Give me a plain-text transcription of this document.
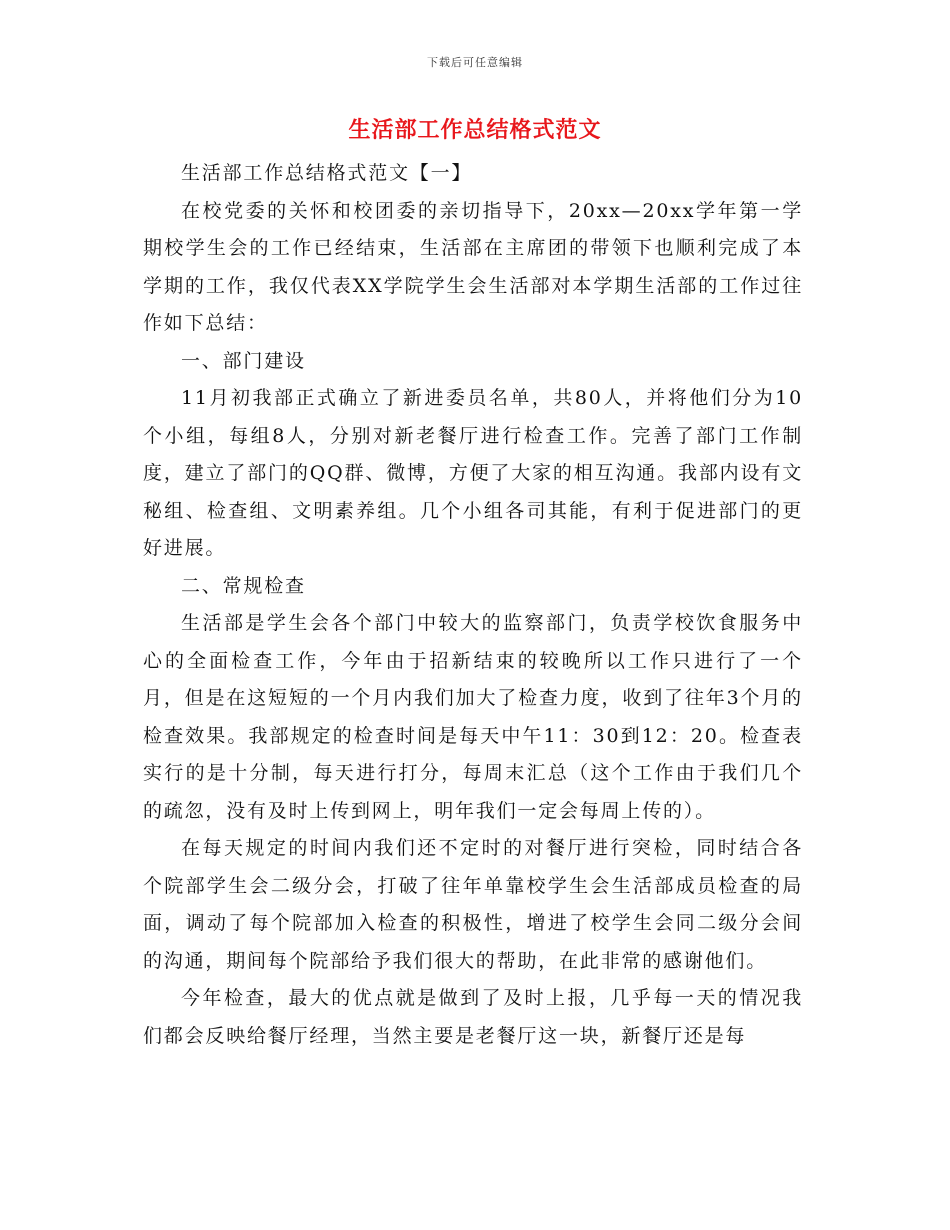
下载后可任意编辑
生活部工作总结格式范文

生活部工作总结格式范文【一】

在校党委的关怀和校团委的亲切指导下，20xx—20xx学年第一学期校学生会的工作已经结束，生活部在主席团的带领下也顺利完成了本学期的工作，我仅代表XX学院学生会生活部对本学期生活部的工作过往作如下总结：

一、部门建设

11月初我部正式确立了新进委员名单，共80人，并将他们分为10个小组，每组8人，分别对新老餐厅进行检查工作。完善了部门工作制度，建立了部门的QQ群、微博，方便了大家的相互沟通。我部内设有文秘组、检查组、文明素养组。几个小组各司其能，有利于促进部门的更好进展。

二、常规检查

生活部是学生会各个部门中较大的监察部门，负责学校饮食服务中心的全面检查工作，今年由于招新结束的较晚所以工作只进行了一个月，但是在这短短的一个月内我们加大了检查力度，收到了往年3个月的检查效果。我部规定的检查时间是每天中午11：30到12：20。检查表实行的是十分制，每天进行打分，每周末汇总（这个工作由于我们几个的疏忽，没有及时上传到网上，明年我们一定会每周上传的）。

在每天规定的时间内我们还不定时的对餐厅进行突检，同时结合各个院部学生会二级分会，打破了往年单靠校学生会生活部成员检查的局面，调动了每个院部加入检查的积极性，增进了校学生会同二级分会间的沟通，期间每个院部给予我们很大的帮助，在此非常的感谢他们。

今年检查，最大的优点就是做到了及时上报，几乎每一天的情况我们都会反映给餐厅经理，当然主要是老餐厅这一块，新餐厅还是每
